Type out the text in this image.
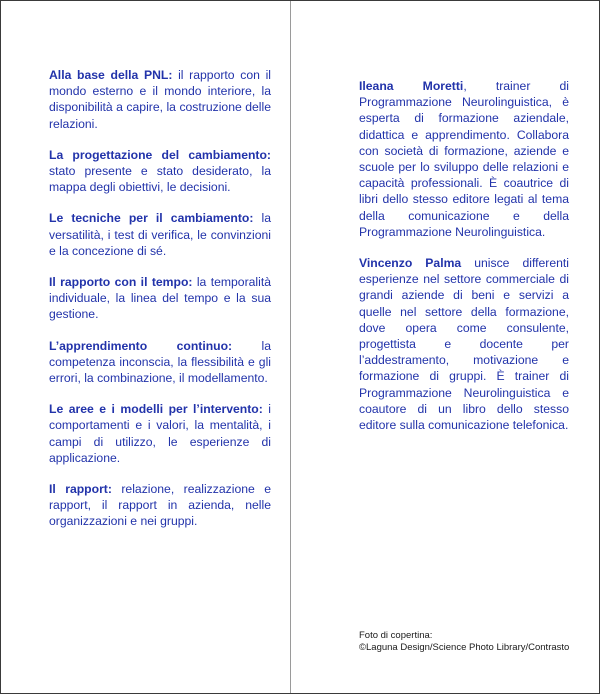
Alla base della PNL: il rapporto con il mondo esterno e il mondo interiore, la disponibilità a capire, la costruzione delle relazioni.

La progettazione del cambiamento: stato presente e stato desiderato, la mappa degli obiettivi, le decisioni.

Le tecniche per il cambiamento: la versatilità, i test di verifica, le convinzioni e la concezione di sé.

Il rapporto con il tempo: la temporalità individuale, la linea del tempo e la sua gestione.

L’apprendimento continuo: la competenza inconscia, la flessibilità e gli errori, la combinazione, il modellamento.

Le aree e i modelli per l’intervento: i comportamenti e i valori, la mentalità, i campi di utilizzo, le esperienze di applicazione.

Il rapport: relazione, realizzazione e rapport, il rapport in azienda, nelle organizzazioni e nei gruppi.

Ileana Moretti, trainer di Programmazione Neurolinguistica, è esperta di formazione aziendale, didattica e apprendimento. Collabora con società di formazione, aziende e scuole per lo sviluppo delle relazioni e capacità professionali. È coautrice di libri dello stesso editore legati al tema della comunicazione e della Programmazione Neurolinguistica.

Vincenzo Palma unisce differenti esperienze nel settore commerciale di grandi aziende di beni e servizi a quelle nel settore della formazione, dove opera come consulente, progettista e docente per l’addestramento, motivazione e formazione di gruppi. È trainer di Programmazione Neurolinguistica e coautore di un libro dello stesso editore sulla comunicazione telefonica.

Foto di copertina:
©Laguna Design/Science Photo Library/Contrasto
